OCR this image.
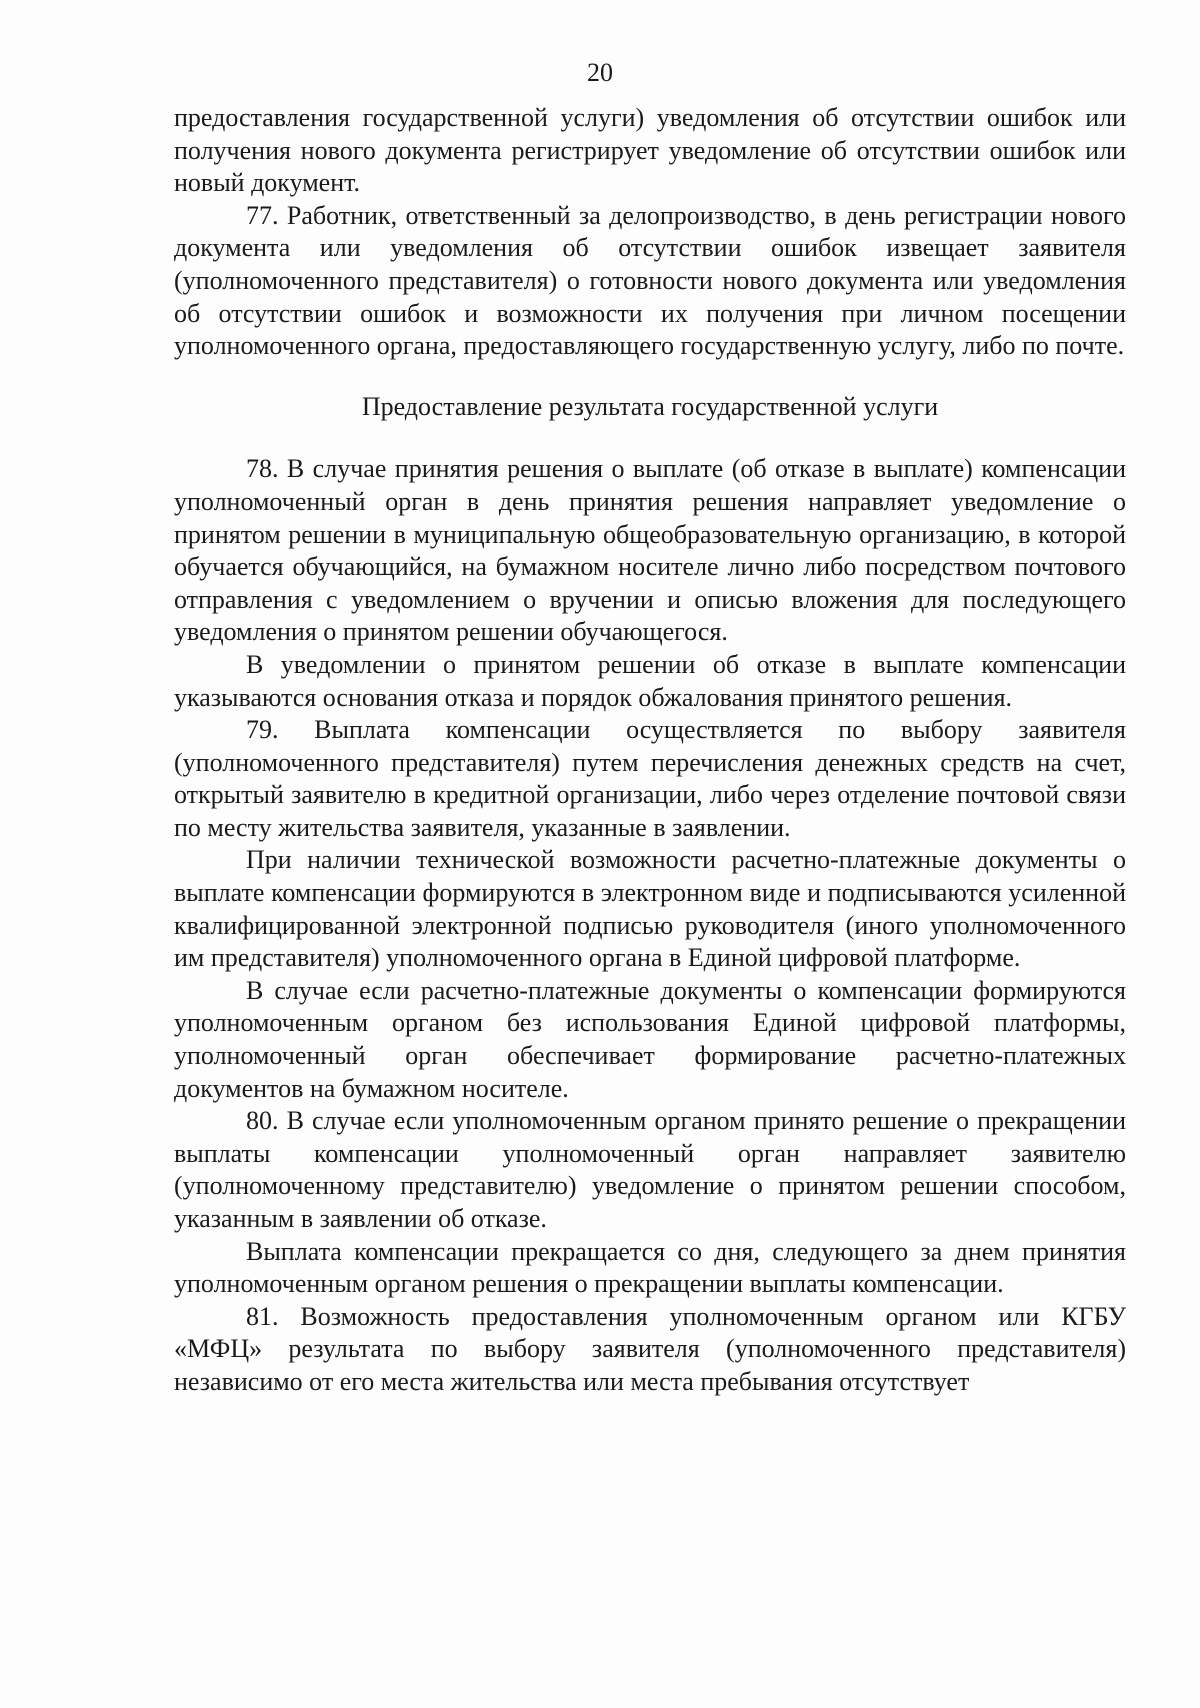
20

предоставления государственной услуги) уведомления об отсутствии ошибок или получения нового документа регистрирует уведомление об отсутствии ошибок или новый документ.

77. Работник, ответственный за делопроизводство, в день регистрации нового документа или уведомления об отсутствии ошибок извещает заявителя (уполномоченного представителя) о готовности нового документа или уведомления об отсутствии ошибок и возможности их получения при личном посещении уполномоченного органа, предоставляющего государственную услугу, либо по почте.

Предоставление результата государственной услуги

78. В случае принятия решения о выплате (об отказе в выплате) компенсации уполномоченный орган в день принятия решения направляет уведомление о принятом решении в муниципальную общеобразовательную организацию, в которой обучается обучающийся, на бумажном носителе лично либо посредством почтового отправления с уведомлением о вручении и описью вложения для последующего уведомления о принятом решении обучающегося.

В уведомлении о принятом решении об отказе в выплате компенсации указываются основания отказа и порядок обжалования принятого решения.

79. Выплата компенсации осуществляется по выбору заявителя (уполномоченного представителя) путем перечисления денежных средств на счет, открытый заявителю в кредитной организации, либо через отделение почтовой связи по месту жительства заявителя, указанные в заявлении.

При наличии технической возможности расчетно-платежные документы о выплате компенсации формируются в электронном виде и подписываются усиленной квалифицированной электронной подписью руководителя (иного уполномоченного им представителя) уполномоченного органа в Единой цифровой платформе.

В случае если расчетно-платежные документы о компенсации формируются уполномоченным органом без использования Единой цифровой платформы, уполномоченный орган обеспечивает формирование расчетно-платежных документов на бумажном носителе.

80. В случае если уполномоченным органом принято решение о прекращении выплаты компенсации уполномоченный орган направляет заявителю (уполномоченному представителю) уведомление о принятом решении способом, указанным в заявлении об отказе.

Выплата компенсации прекращается со дня, следующего за днем принятия уполномоченным органом решения о прекращении выплаты компенсации.

81. Возможность предоставления уполномоченным органом или КГБУ «МФЦ» результата по выбору заявителя (уполномоченного представителя) независимо от его места жительства или места пребывания отсутствует
